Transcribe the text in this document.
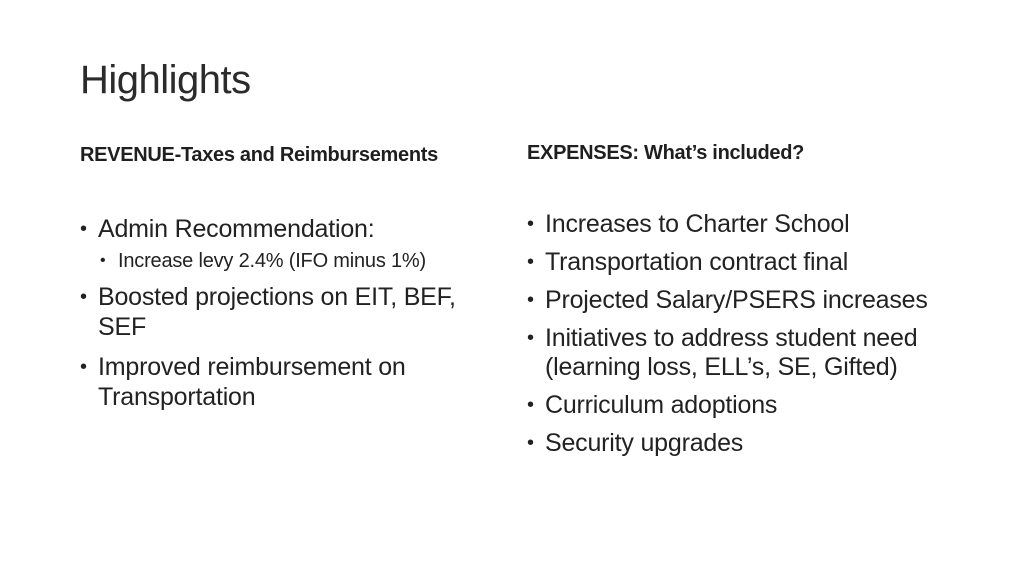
Highlights
REVENUE-Taxes and Reimbursements
• Admin Recommendation:
• Increase levy 2.4% (IFO minus 1%)
• Boosted projections on EIT, BEF, SEF
• Improved reimbursement on Transportation
EXPENSES: What’s included?
• Increases to Charter School
• Transportation contract final
• Projected Salary/PSERS increases
• Initiatives to address student need (learning loss, ELL’s, SE, Gifted)
• Curriculum adoptions
• Security upgrades
